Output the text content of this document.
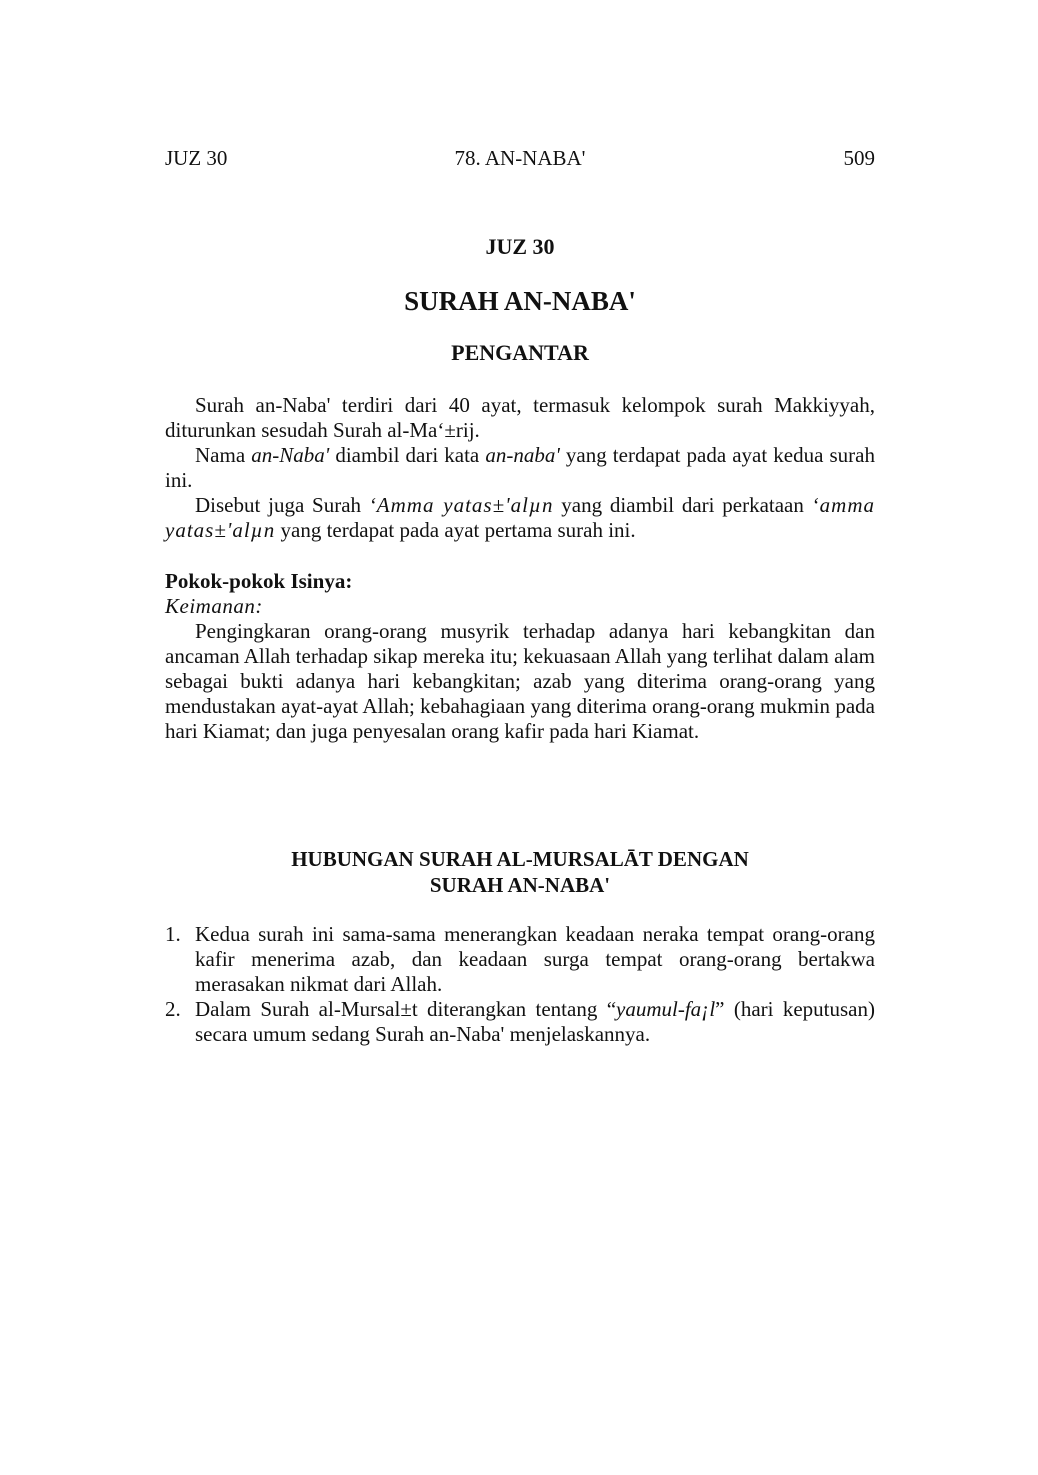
78. AN-NABA'
JUZ 30	509
JUZ 30
SURAH AN-NABA'
PENGANTAR

Surah an-Naba' terdiri dari 40 ayat, termasuk kelompok surah Makkiyyah, diturunkan sesudah Surah al-Ma‘±rij.

Nama an-Naba' diambil dari kata an-naba' yang terdapat pada ayat kedua surah ini.

Disebut juga Surah ‘Amma yatas±'alµn yang diambil dari perkataan ‘amma yatas±'alµn yang terdapat pada ayat pertama surah ini.

Pokok-pokok Isinya:

Keimanan:

Pengingkaran orang-orang musyrik terhadap adanya hari kebangkitan dan ancaman Allah terhadap sikap mereka itu; kekuasaan Allah yang terlihat dalam alam sebagai bukti adanya hari kebangkitan; azab yang diterima orang-orang yang mendustakan ayat-ayat Allah; kebahagiaan yang diterima orang-orang mukmin pada hari Kiamat; dan juga penyesalan orang kafir pada hari Kiamat.

HUBUNGAN SURAH AL-MURSALĀT DENGAN
SURAH AN-NABA'
1. Kedua surah ini sama-sama menerangkan keadaan neraka tempat orang-orang kafir menerima azab, dan keadaan surga tempat orang-orang bertakwa merasakan nikmat dari Allah.
2. Dalam Surah al-Mursal±t diterangkan tentang “yaumul-fa¡l” (hari keputusan) secara umum sedang Surah an-Naba' menjelaskannya.
